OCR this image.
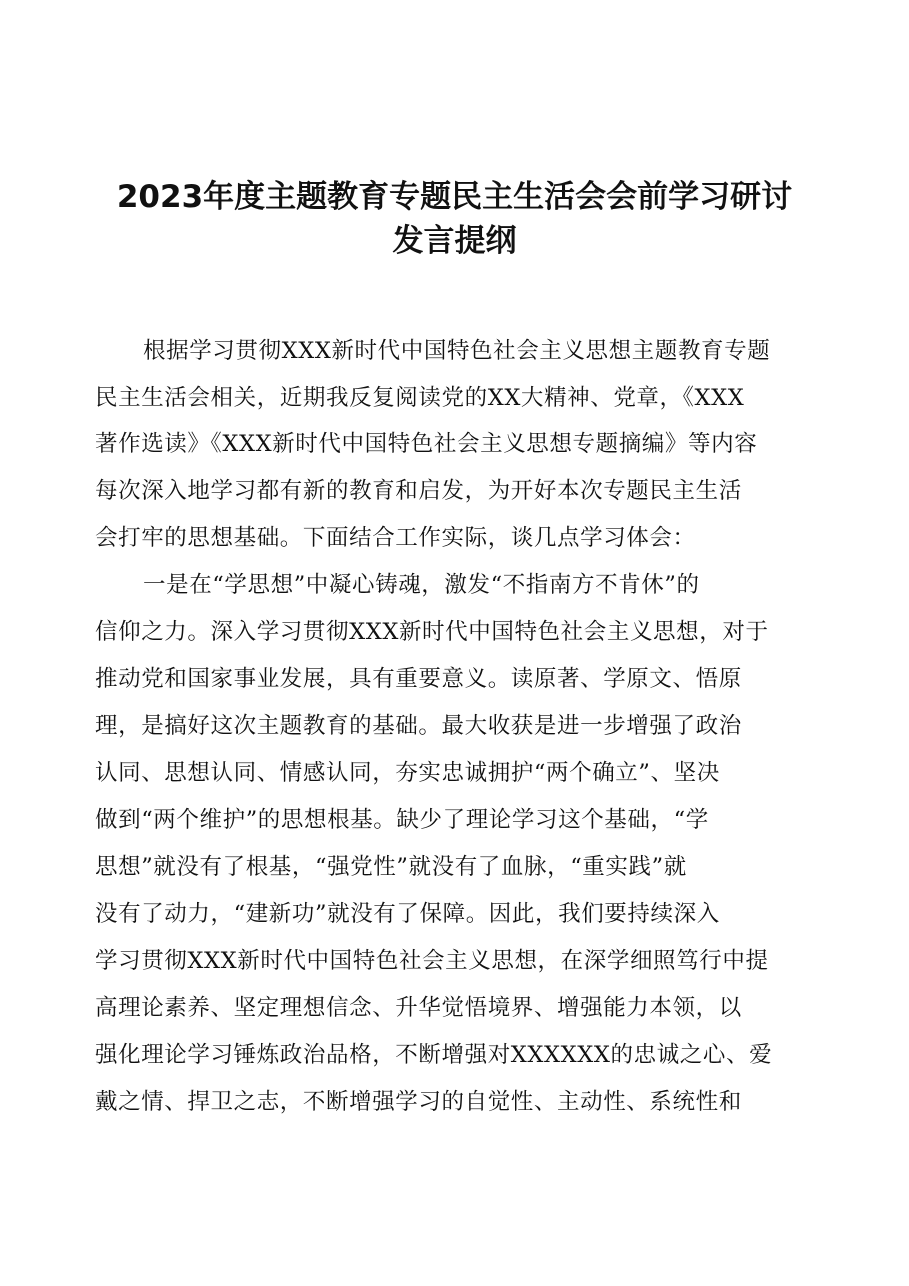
2023年度主题教育专题民主生活会会前学习研讨
发言提纲
根据学习贯彻XXX新时代中国特色社会主义思想主题教育专题
民主生活会相关，近期我反复阅读党的XX大精神、党章，《XXX
著作选读》《XXX新时代中国特色社会主义思想专题摘编》等内容
每次深入地学习都有新的教育和启发，为开好本次专题民主生活
会打牢的思想基础。下面结合工作实际，谈几点学习体会：
一是在“学思想”中凝心铸魂，激发“不指南方不肯休”的
信仰之力。深入学习贯彻XXX新时代中国特色社会主义思想，对于
推动党和国家事业发展，具有重要意义。读原著、学原文、悟原
理，是搞好这次主题教育的基础。最大收获是进一步增强了政治
认同、思想认同、情感认同，夯实忠诚拥护“两个确立”、坚决
做到“两个维护”的思想根基。缺少了理论学习这个基础，“学
思想”就没有了根基，“强党性”就没有了血脉，“重实践”就
没有了动力，“建新功”就没有了保障。因此，我们要持续深入
学习贯彻XXX新时代中国特色社会主义思想，在深学细照笃行中提
高理论素养、坚定理想信念、升华觉悟境界、增强能力本领，以
强化理论学习锤炼政治品格，不断增强对XXXXXX的忠诚之心、爱
戴之情、捍卫之志，不断增强学习的自觉性、主动性、系统性和
